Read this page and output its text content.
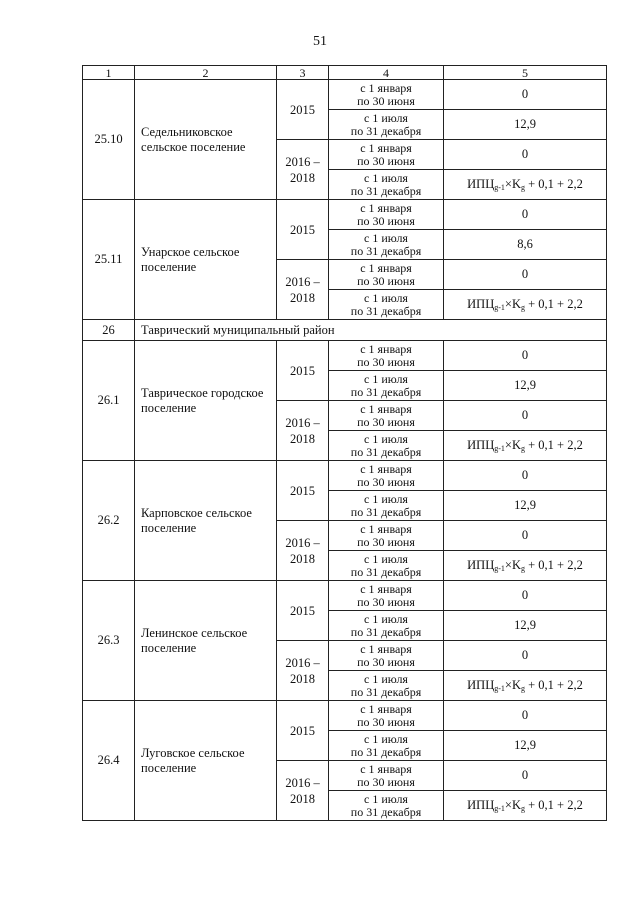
51
1	2	3	4	5
25.10	Седельниковское сельское поселение	2015	с 1 января
по 30 июня	0
			с 1 июля
по 31 декабря	12,9
		2016 –
2018	с 1 января
по 30 июня	0
			с 1 июля
по 31 декабря	$ИПЦ_{g-1}\times K_g + 0,1 + 2,2$
25.11	Унарское сельское поселение	2015	с 1 января
по 30 июня	0
			с 1 июля
по 31 декабря	8,6
		2016 –
2018	с 1 января
по 30 июня	0
			с 1 июля
по 31 декабря	$ИПЦ_{g-1}\times K_g + 0,1 + 2,2$
26	Таврический муниципальный район			
26.1	Таврическое городское поселение	2015	с 1 января
по 30 июня	0
			с 1 июля
по 31 декабря	12,9
		2016 –
2018	с 1 января
по 30 июня	0
			с 1 июля
по 31 декабря	$ИПЦ_{g-1}\times K_g + 0,1 + 2,2$
26.2	Карповское сельское поселение	2015	с 1 января
по 30 июня	0
			с 1 июля
по 31 декабря	12,9
		2016 –
2018	с 1 января
по 30 июня	0
			с 1 июля
по 31 декабря	$ИПЦ_{g-1}\times K_g + 0,1 + 2,2$
26.3	Ленинское сельское поселение	2015	с 1 января
по 30 июня	0
			с 1 июля
по 31 декабря	12,9
		2016 –
2018	с 1 января
по 30 июня	0
			с 1 июля
по 31 декабря	$ИПЦ_{g-1}\times K_g + 0,1 + 2,2$
26.4	Луговское сельское поселение	2015	с 1 января
по 30 июня	0
			с 1 июля
по 31 декабря	12,9
		2016 –
2018	с 1 января
по 30 июня	0
			с 1 июля
по 31 декабря	$ИПЦ_{g-1}\times K_g + 0,1 + 2,2$
